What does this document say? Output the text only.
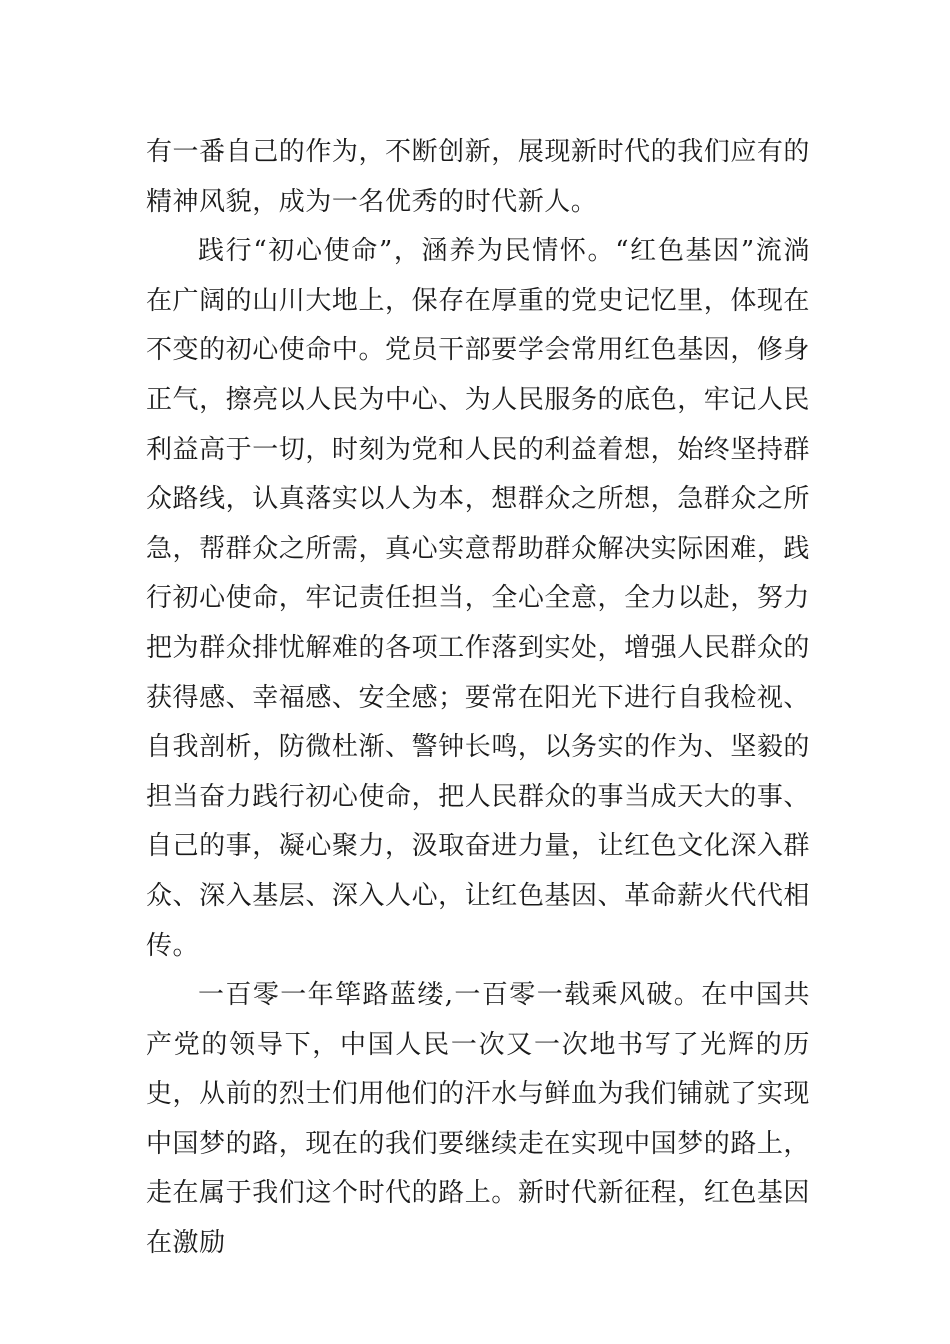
有一番自己的作为，不断创新，展现新时代的我们应有的精神风貌，成为一名优秀的时代新人。

践行“初心使命”，涵养为民情怀。“红色基因”流淌在广阔的山川大地上，保存在厚重的党史记忆里，体现在不变的初心使命中。党员干部要学会常用红色基因，修身正气，擦亮以人民为中心、为人民服务的底色，牢记人民利益高于一切，时刻为党和人民的利益着想，始终坚持群众路线，认真落实以人为本，想群众之所想，急群众之所急，帮群众之所需，真心实意帮助群众解决实际困难，践行初心使命，牢记责任担当，全心全意，全力以赴，努力把为群众排忧解难的各项工作落到实处，增强人民群众的获得感、幸福感、安全感；要常在阳光下进行自我检视、自我剖析，防微杜渐、警钟长鸣，以务实的作为、坚毅的担当奋力践行初心使命，把人民群众的事当成天大的事、自己的事，凝心聚力，汲取奋进力量，让红色文化深入群众、深入基层、深入人心，让红色基因、革命薪火代代相传。

一百零一年筚路蓝缕,一百零一载乘风破。在中国共产党的领导下，中国人民一次又一次地书写了光辉的历史，从前的烈士们用他们的汗水与鲜血为我们铺就了实现中国梦的路，现在的我们要继续走在实现中国梦的路上，走在属于我们这个时代的路上。新时代新征程，红色基因在激励
